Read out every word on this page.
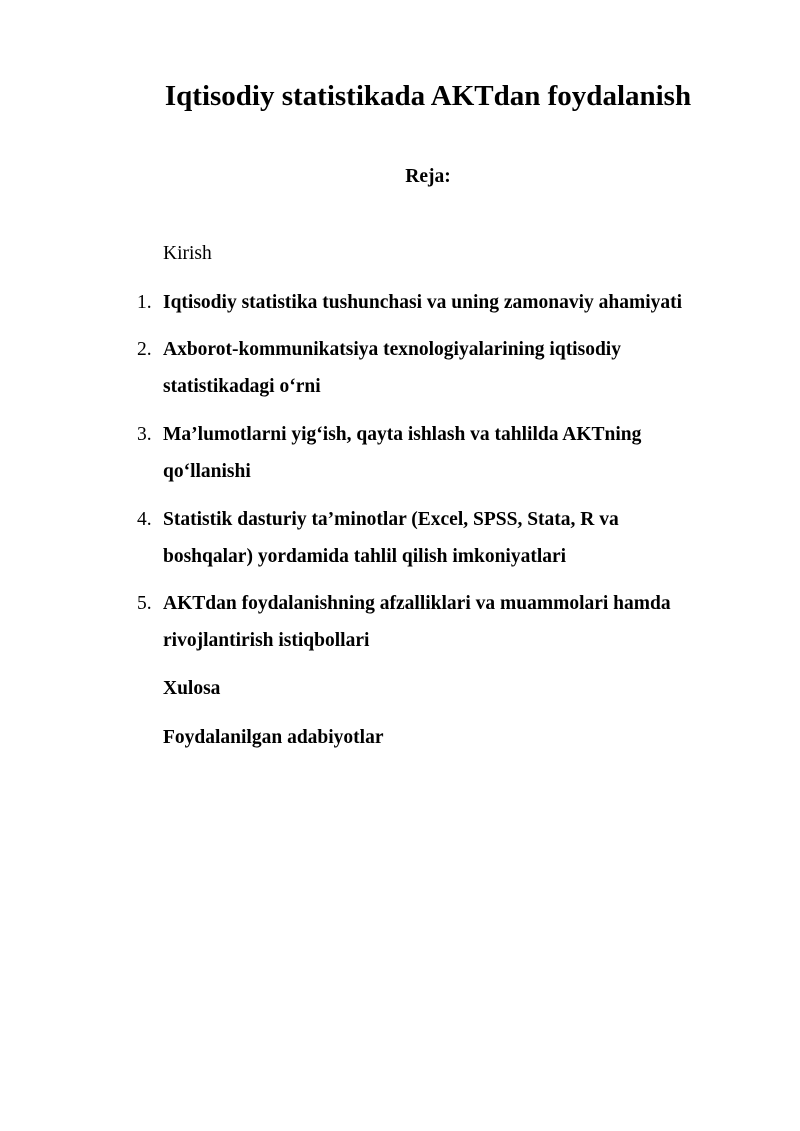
Iqtisodiy statistikada AKTdan foydalanish
Reja:

Kirish

1. Iqtisodiy statistika tushunchasi va uning zamonaviy ahamiyati

2. Axborot-kommunikatsiya texnologiyalarining iqtisodiy

statistikadagi o‘rni

3. Ma’lumotlarni yig‘ish, qayta ishlash va tahlilda AKTning

qo‘llanishi

4. Statistik dasturiy ta’minotlar (Excel, SPSS, Stata, R va

boshqalar) yordamida tahlil qilish imkoniyatlari

5. AKTdan foydalanishning afzalliklari va muammolari hamda

rivojlantirish istiqbollari

Xulosa

Foydalanilgan adabiyotlar
